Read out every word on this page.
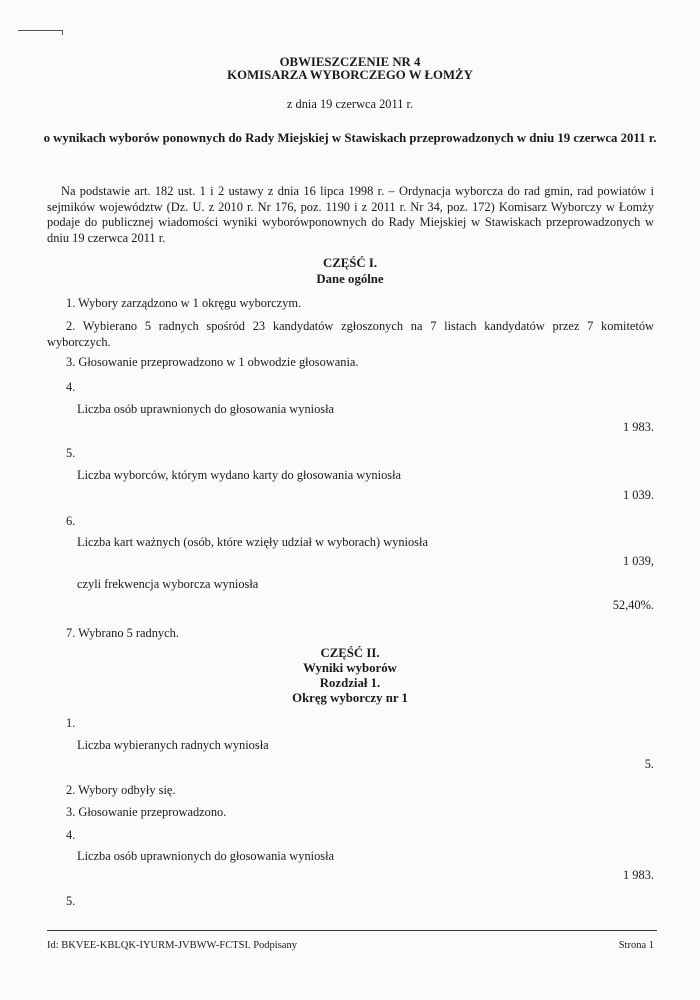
OBWIESZCZENIE NR 4
KOMISARZA WYBORCZEGO W ŁOMŻY
z dnia 19 czerwca 2011 r.
o wynikach wyborów ponownych do Rady Miejskiej w Stawiskach przeprowadzonych w dniu 19 czerwca 2011 r.
Na podstawie art. 182 ust. 1 i 2 ustawy z dnia 16 lipca 1998 r. – Ordynacja wyborcza do rad gmin, rad powiatów i sejmików województw (Dz. U. z 2010 r. Nr 176, poz. 1190 i z 2011 r. Nr 34, poz. 172) Komisarz Wyborczy w Łomży podaje do publicznej wiadomości wyniki wyborówponownych do Rady Miejskiej w Stawiskach przeprowadzonych w dniu 19 czerwca 2011 r.
CZĘŚĆ I.
Dane ogólne
1. Wybory zarządzono w 1 okręgu wyborczym.
2. Wybierano 5 radnych spośród 23 kandydatów zgłoszonych na 7 listach kandydatów przez 7 komitetów wyborczych.
3. Głosowanie przeprowadzono w 1 obwodzie głosowania.
4.
Liczba osób uprawnionych do głosowania wyniosła
1 983.
5.
Liczba wyborców, którym wydano karty do głosowania wyniosła
1 039.
6.
Liczba kart ważnych (osób, które wzięły udział w wyborach) wyniosła
1 039,
czyli frekwencja wyborcza wyniosła
52,40%.
7. Wybrano 5 radnych.
CZĘŚĆ II.
Wyniki wyborów
Rozdział 1.
Okręg wyborczy nr 1
1.
Liczba wybieranych radnych wyniosła
5.
2. Wybory odbyły się.
3. Głosowanie przeprowadzono.
4.
Liczba osób uprawnionych do głosowania wyniosła
1 983.
5.
Id: BKVEE-KBLQK-IYURM-JVBWW-FCTSI. Podpisany	Strona 1
